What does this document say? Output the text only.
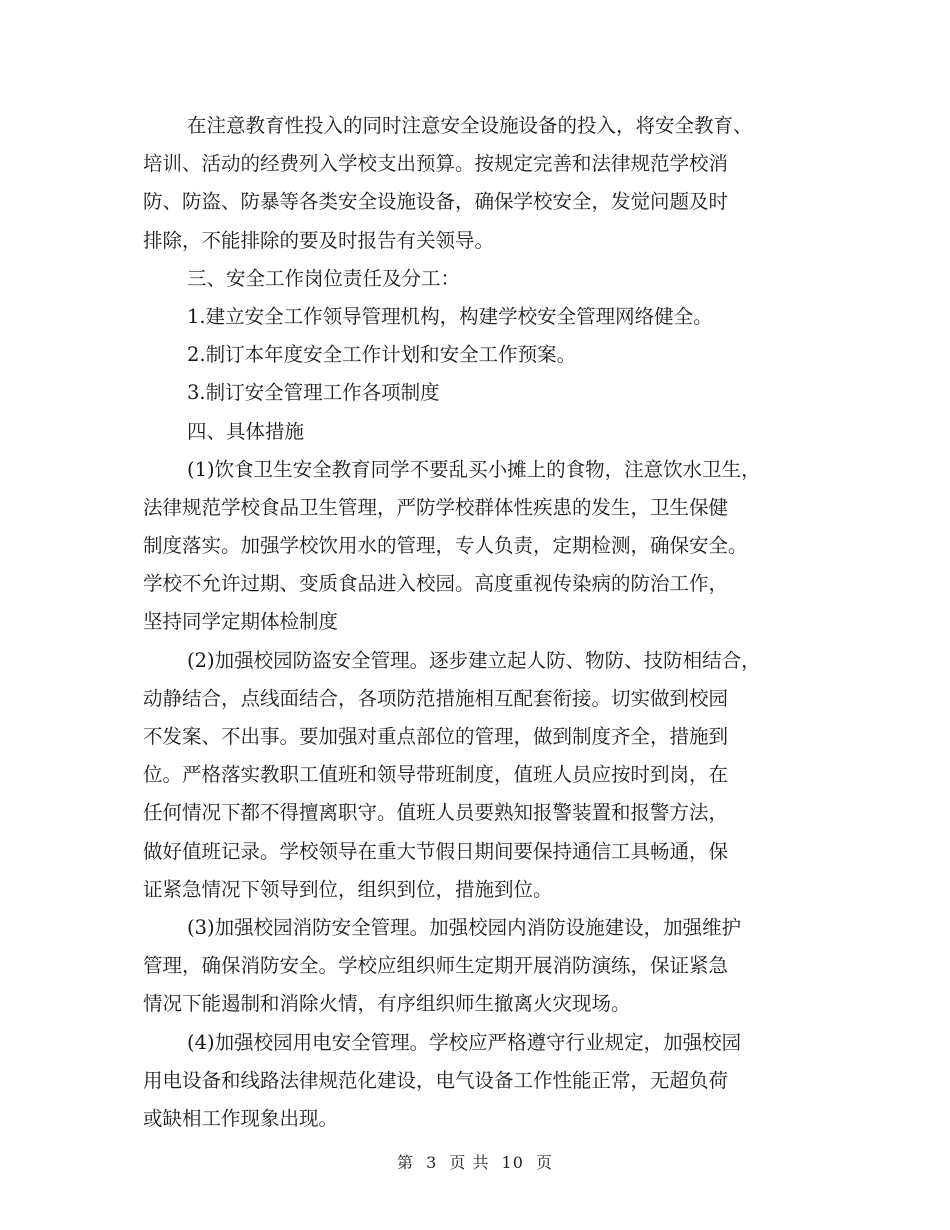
在注意教育性投入的同时注意安全设施设备的投入，将安全教育、
培训、活动的经费列入学校支出预算。按规定完善和法律规范学校消
防、防盗、防暴等各类安全设施设备，确保学校安全，发觉问题及时
排除，不能排除的要及时报告有关领导。
三、安全工作岗位责任及分工：
1.建立安全工作领导管理机构，构建学校安全管理网络健全。
2.制订本年度安全工作计划和安全工作预案。
3.制订安全管理工作各项制度
四、具体措施
(1)饮食卫生安全教育同学不要乱买小摊上的食物，注意饮水卫生，
法律规范学校食品卫生管理，严防学校群体性疾患的发生，卫生保健
制度落实。加强学校饮用水的管理，专人负责，定期检测，确保安全。
学校不允许过期、变质食品进入校园。高度重视传染病的防治工作，
坚持同学定期体检制度
(2)加强校园防盗安全管理。逐步建立起人防、物防、技防相结合，
动静结合，点线面结合，各项防范措施相互配套衔接。切实做到校园
不发案、不出事。要加强对重点部位的管理，做到制度齐全，措施到
位。严格落实教职工值班和领导带班制度，值班人员应按时到岗，在
任何情况下都不得擅离职守。值班人员要熟知报警装置和报警方法，
做好值班记录。学校领导在重大节假日期间要保持通信工具畅通，保
证紧急情况下领导到位，组织到位，措施到位。
(3)加强校园消防安全管理。加强校园内消防设施建设，加强维护
管理，确保消防安全。学校应组织师生定期开展消防演练，保证紧急
情况下能遏制和消除火情，有序组织师生撤离火灾现场。
(4)加强校园用电安全管理。学校应严格遵守行业规定，加强校园
用电设备和线路法律规范化建设，电气设备工作性能正常，无超负荷
或缺相工作现象出现。
第 3 页 共 10 页
